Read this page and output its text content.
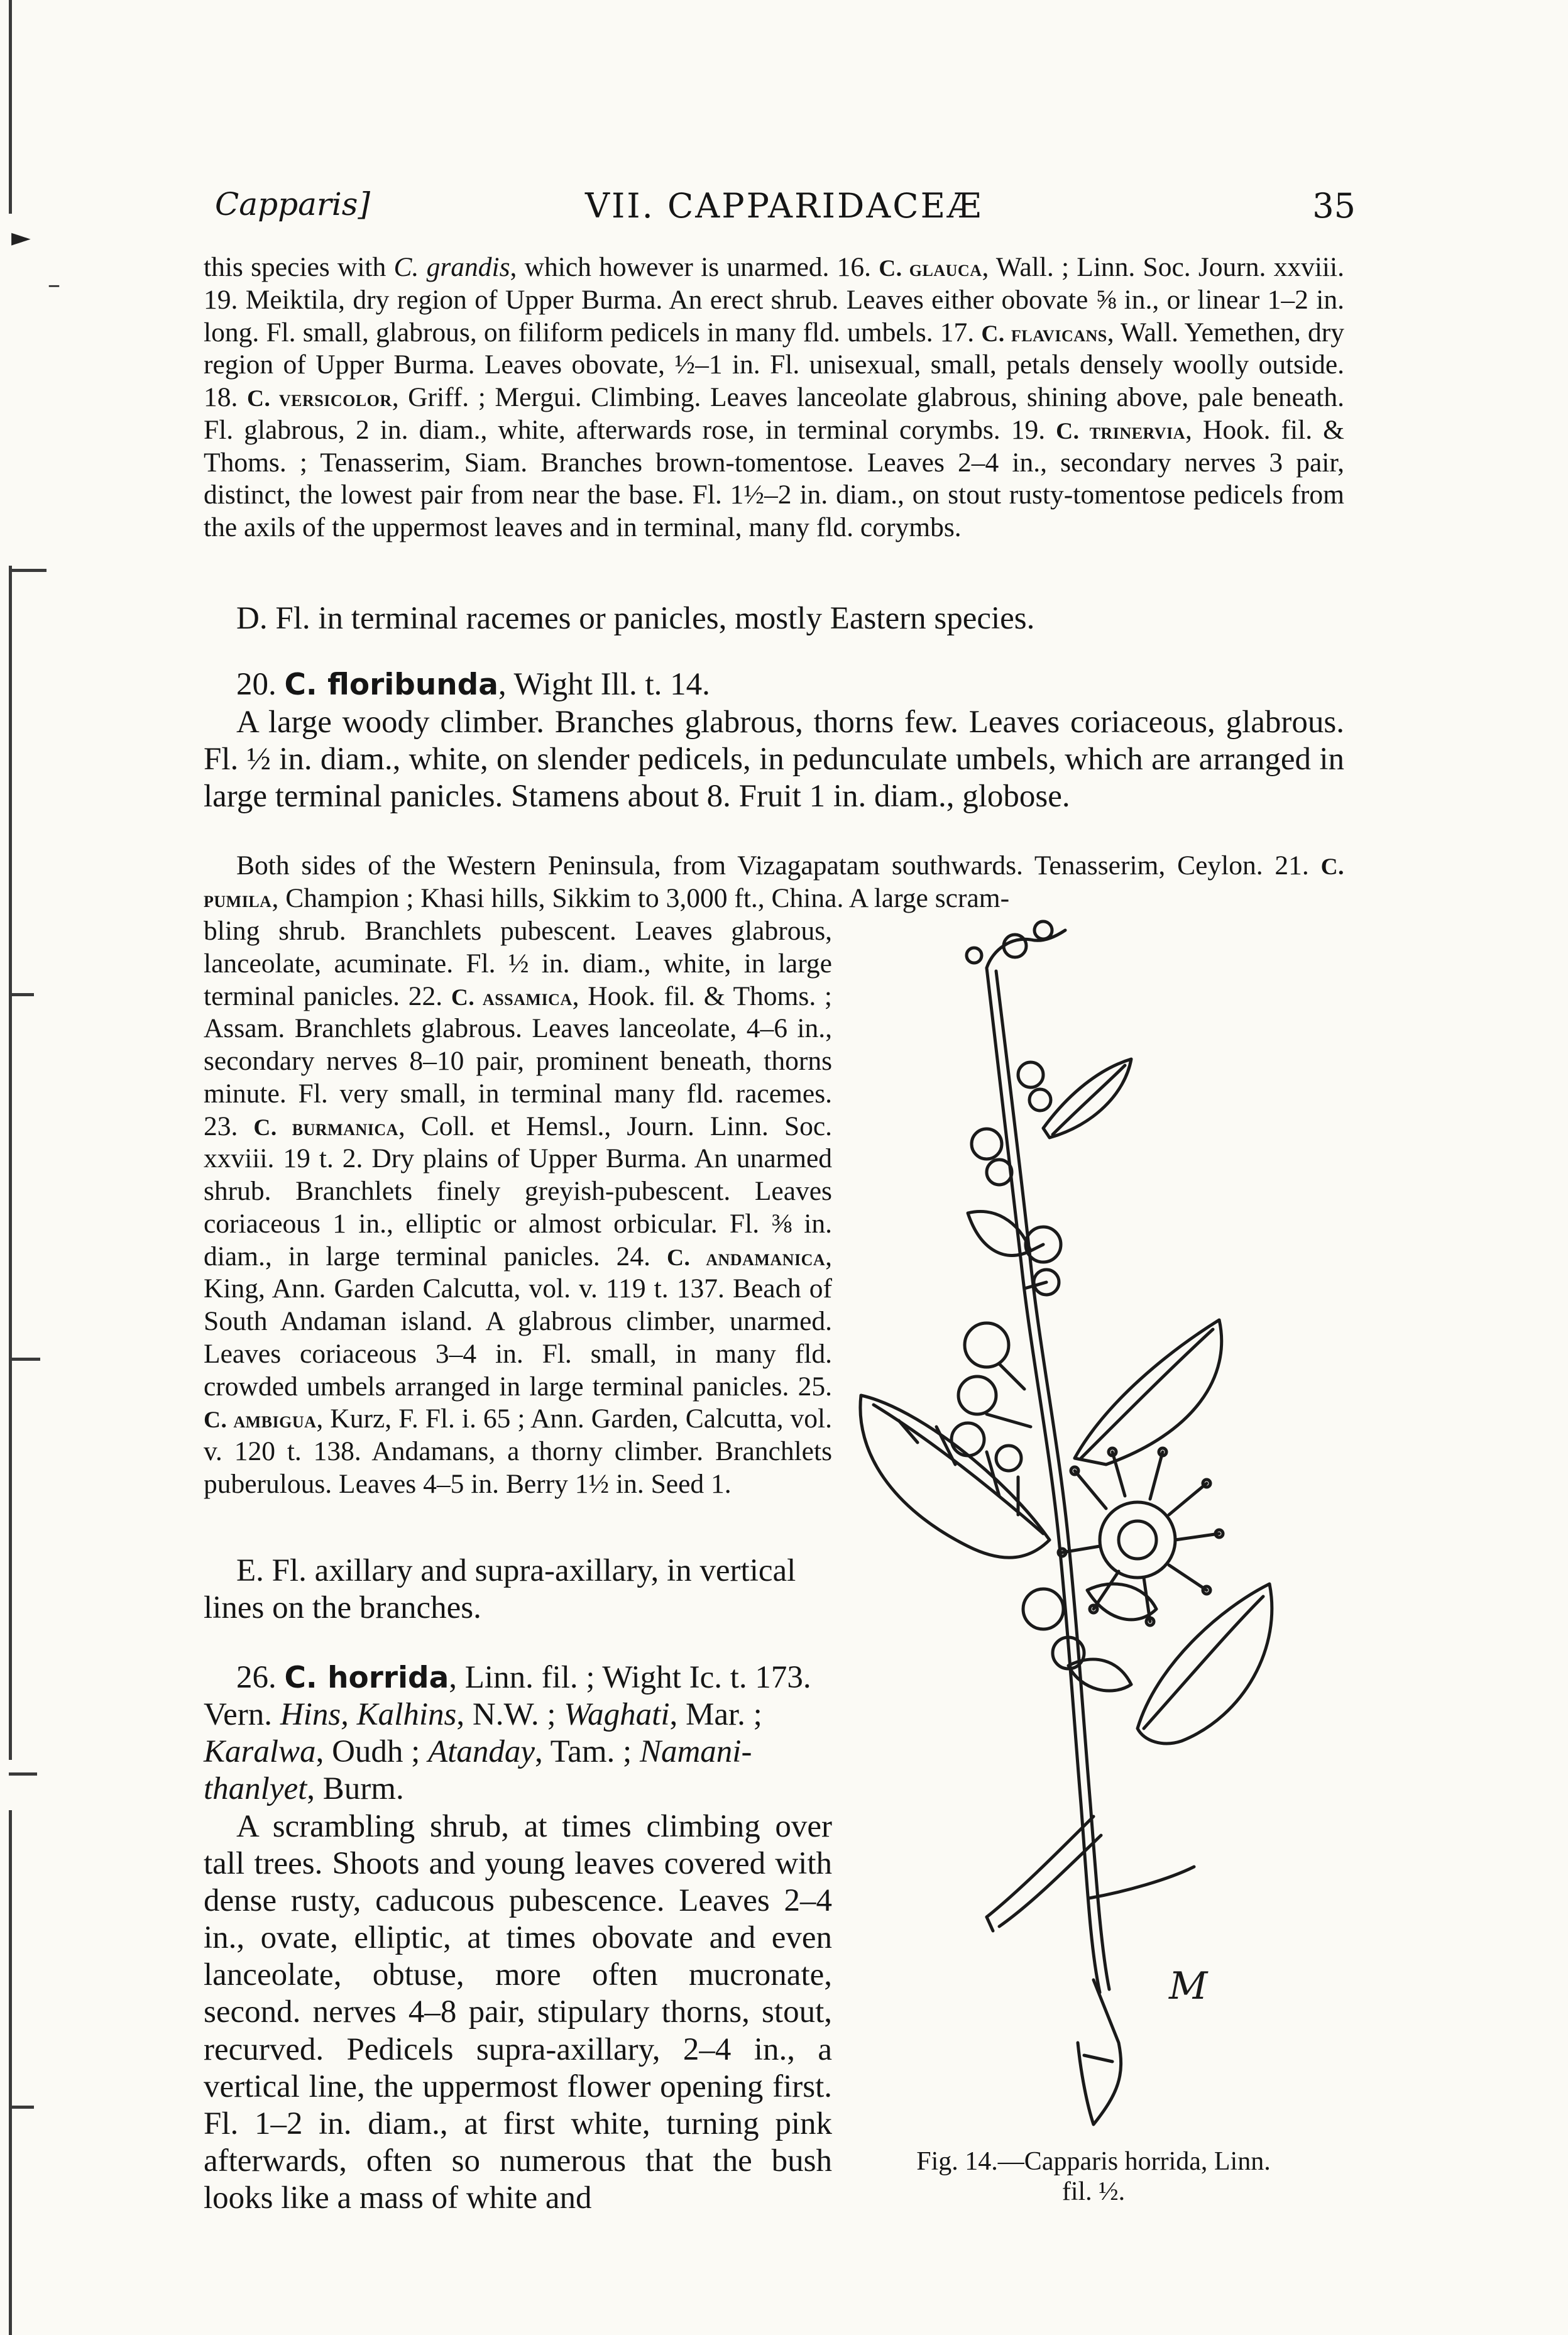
►
–
VII. CAPPARIDACEÆ
Capparis]	35

this species with C. grandis, which however is unarmed. 16. C. glauca, Wall. ; Linn. Soc. Journ. xxviii. 19. Meiktila, dry region of Upper Burma. An erect shrub. Leaves either obovate ⅝ in., or linear 1–2 in. long. Fl. small, glabrous, on filiform pedicels in many fld. umbels. 17. C. flavicans, Wall. Yemethen, dry region of Upper Burma. Leaves obovate, ½–1 in. Fl. unisexual, small, petals densely woolly outside. 18. C. versicolor, Griff. ; Mergui. Climbing. Leaves lanceolate glabrous, shining above, pale beneath. Fl. glabrous, 2 in. diam., white, afterwards rose, in terminal corymbs. 19. C. trinervia, Hook. fil. & Thoms. ; Tenasserim, Siam. Branches brown-tomentose. Leaves 2–4 in., secondary nerves 3 pair, distinct, the lowest pair from near the base. Fl. 1½–2 in. diam., on stout rusty-tomentose pedicels from the axils of the uppermost leaves and in terminal, many fld. corymbs.

D. Fl. in terminal racemes or panicles, mostly Eastern species.
20. C. floribunda, Wight Ill. t. 14.

A large woody climber. Branches glabrous, thorns few. Leaves coriaceous, glabrous. Fl. ½ in. diam., white, on slender pedicels, in pedunculate umbels, which are arranged in large terminal panicles. Stamens about 8. Fruit 1 in. diam., globose.

Both sides of the Western Peninsula, from Vizagapatam southwards. Tenasserim, Ceylon. 21. C. pumila, Champion ; Khasi hills, Sikkim to 3,000 ft., China. A large scram-

bling shrub. Branchlets pubescent. Leaves glabrous, lanceolate, acuminate. Fl. ½ in. diam., white, in large terminal panicles. 22. C. assamica, Hook. fil. & Thoms. ; Assam. Branchlets glabrous. Leaves lanceolate, 4–6 in., secondary nerves 8–10 pair, prominent beneath, thorns minute. Fl. very small, in terminal many fld. racemes. 23. C. burmanica, Coll. et Hemsl., Journ. Linn. Soc. xxviii. 19 t. 2. Dry plains of Upper Burma. An unarmed shrub. Branchlets finely greyish-pubescent. Leaves coriaceous 1 in., elliptic or almost orbicular. Fl. ⅜ in. diam., in large terminal panicles. 24. C. andamanica, King, Ann. Garden Calcutta, vol. v. 119 t. 137. Beach of South Andaman island. A glabrous climber, unarmed. Leaves coriaceous 3–4 in. Fl. small, in many fld. crowded umbels arranged in large terminal panicles. 25. C. ambigua, Kurz, F. Fl. i. 65 ; Ann. Garden, Calcutta, vol. v. 120 t. 138. Andamans, a thorny climber. Branchlets puberulous. Leaves 4–5 in. Berry 1½ in. Seed 1.

E. Fl. axillary and supra-axillary, in vertical lines on the branches.

26. C. horrida, Linn. fil. ; Wight Ic. t. 173. Vern. Hins, Kalhins, N.W. ; Waghati, Mar. ; Karalwa, Oudh ; Atanday, Tam. ; Namani-thanlyet, Burm.

A scrambling shrub, at times climbing over tall trees. Shoots and young leaves covered with dense rusty, caducous pubescence. Leaves 2–4 in., ovate, elliptic, at times obovate and even lanceolate, obtuse, more often mucronate, second. nerves 4–8 pair, stipulary thorns, stout, recurved. Pedicels supra-axillary, 2–4 in., a vertical line, the uppermost flower opening first. Fl. 1–2 in. diam., at first white, turning pink afterwards, often so numerous that the bush looks like a mass of white and

M
Fig. 14.—Capparis horrida, Linn.
fil. ½.
